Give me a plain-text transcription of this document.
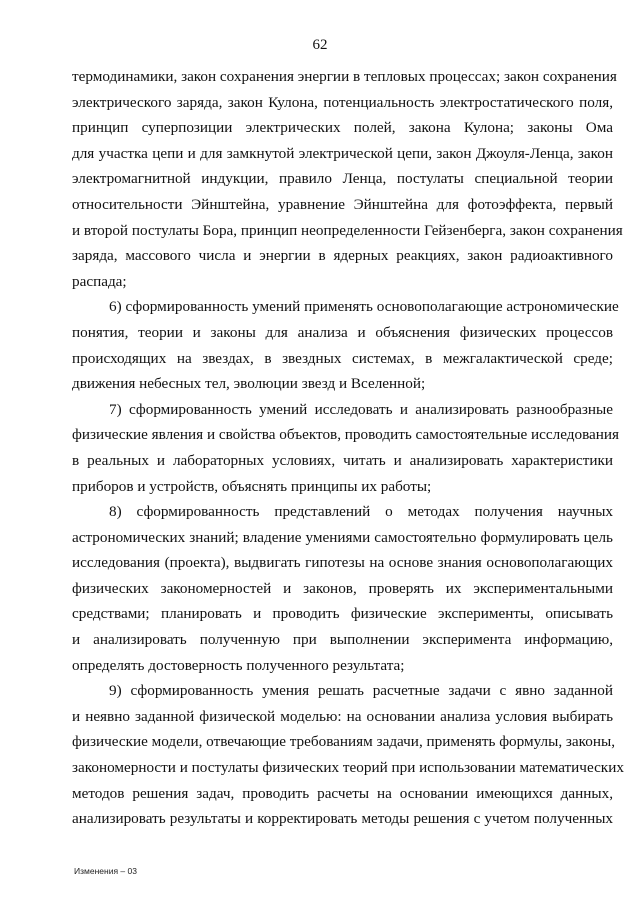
62
термодинамики, закон сохранения энергии в тепловых процессах; закон сохранения
электрического заряда, закон Кулона, потенциальность электростатического поля,
принцип суперпозиции электрических полей, закона Кулона; законы Ома
для участка цепи и для замкнутой электрической цепи, закон Джоуля-Ленца, закон
электромагнитной индукции, правило Ленца, постулаты специальной теории
относительности Эйнштейна, уравнение Эйнштейна для фотоэффекта, первый
и второй постулаты Бора, принцип неопределенности Гейзенберга, закон сохранения
заряда, массового числа и энергии в ядерных реакциях, закон радиоактивного
распада;
6) сформированность умений применять основополагающие астрономические
понятия, теории и законы для анализа и объяснения физических процессов
происходящих на звездах, в звездных системах, в межгалактической среде;
движения небесных тел, эволюции звезд и Вселенной;
7) сформированность умений исследовать и анализировать разнообразные
физические явления и свойства объектов, проводить самостоятельные исследования
в реальных и лабораторных условиях, читать и анализировать характеристики
приборов и устройств, объяснять принципы их работы;
8) сформированность представлений о методах получения научных
астрономических знаний; владение умениями самостоятельно формулировать цель
исследования (проекта), выдвигать гипотезы на основе знания основополагающих
физических закономерностей и законов, проверять их экспериментальными
средствами; планировать и проводить физические эксперименты, описывать
и анализировать полученную при выполнении эксперимента информацию,
определять достоверность полученного результата;
9) сформированность умения решать расчетные задачи с явно заданной
и неявно заданной физической моделью: на основании анализа условия выбирать
физические модели, отвечающие требованиям задачи, применять формулы, законы,
закономерности и постулаты физических теорий при использовании математических
методов решения задач, проводить расчеты на основании имеющихся данных,
анализировать результаты и корректировать методы решения с учетом полученных
Изменения – 03
